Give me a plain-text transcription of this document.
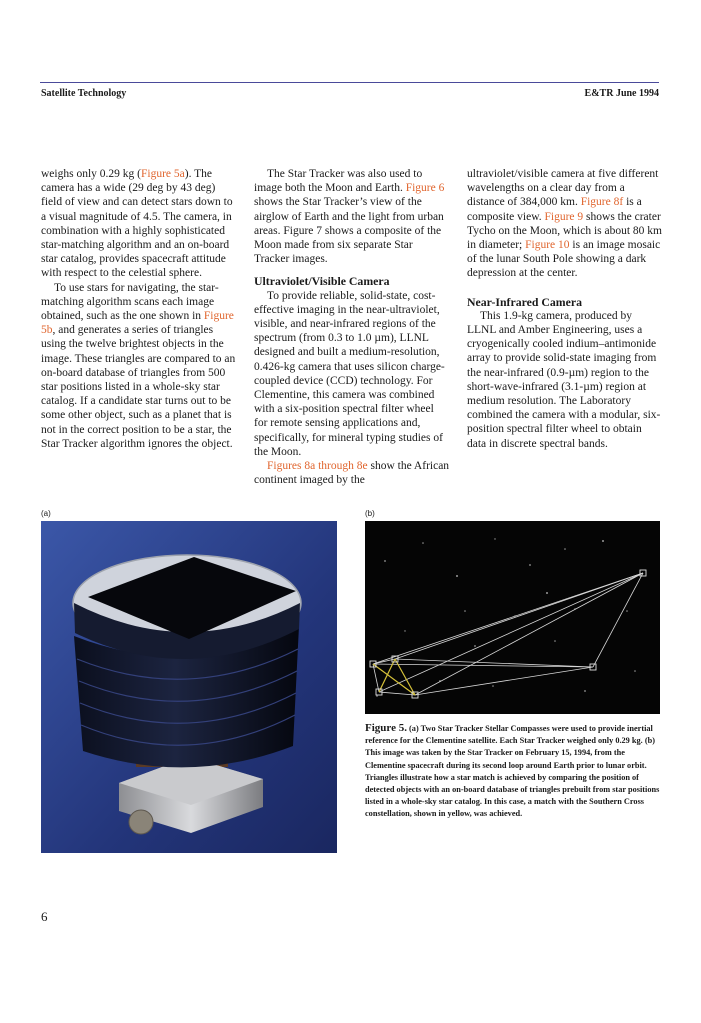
Satellite Technology	E&TR June 1994

weighs only 0.29 kg (Figure 5a). The camera has a wide (29 deg by 43 deg) field of view and can detect stars down to a visual magnitude of 4.5. The camera, in combination with a highly sophisticated star-matching algorithm and an on-board star catalog, provides spacecraft attitude with respect to the celestial sphere.

To use stars for navigating, the star-matching algorithm scans each image obtained, such as the one shown in Figure 5b, and generates a series of triangles using the twelve brightest objects in the image. These triangles are compared to an on-board database of triangles from 500 star positions listed in a whole-sky star catalog. If a candidate star turns out to be some other object, such as a planet that is not in the correct position to be a star, the Star Tracker algorithm ignores the object.

The Star Tracker was also used to image both the Moon and Earth. Figure 6 shows the Star Tracker’s view of the airglow of Earth and the light from urban areas. Figure 7 shows a composite of the Moon made from six separate Star Tracker images.

Ultraviolet/Visible Camera

To provide reliable, solid-state, cost-effective imaging in the near-ultraviolet, visible, and near-infrared regions of the spectrum (from 0.3 to 1.0 µm), LLNL designed and built a medium-resolution, 0.426-kg camera that uses silicon charge-coupled device (CCD) technology. For Clementine, this camera was combined with a six-position spectral filter wheel for remote sensing applications and, specifically, for mineral typing studies of the Moon.

Figures 8a through 8e show the African continent imaged by the

ultraviolet/visible camera at five different wavelengths on a clear day from a distance of 384,000 km. Figure 8f is a composite view. Figure 9 shows the crater Tycho on the Moon, which is about 80 km in diameter; Figure 10 is an image mosaic of the lunar South Pole showing a dark depression at the center.

Near-Infrared Camera

This 1.9-kg camera, produced by LLNL and Amber Engineering, uses a cryogenically cooled indium–antimonide array to provide solid-state imaging from the near-infrared (0.9-µm) region to the short-wave-infrared (3.1-µm) region at medium resolution. The Laboratory combined the camera with a modular, six-position spectral filter wheel to obtain data in discrete spectral bands.

(a)	(b)
Figure 5. (a) Two Star Tracker Stellar Compasses were used to provide inertial reference for the Clementine satellite. Each Star Tracker weighed only 0.29 kg. (b) This image was taken by the Star Tracker on February 15, 1994, from the Clementine spacecraft during its second loop around Earth prior to lunar orbit. Triangles illustrate how a star match is achieved by comparing the position of detected objects with an on-board database of triangles prebuilt from star positions listed in a whole-sky star catalog. In this case, a match with the Southern Cross constellation, shown in yellow, was achieved.
6
